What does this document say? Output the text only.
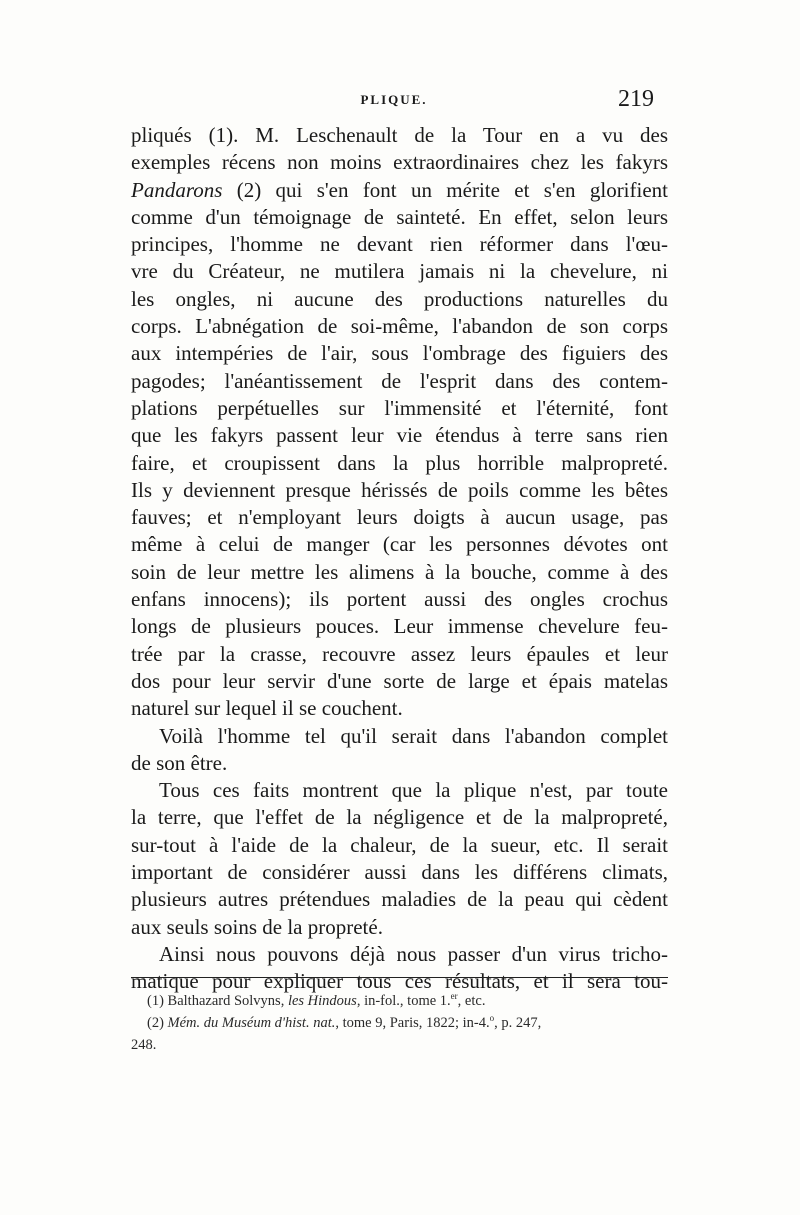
PLIQUE.	219
pliqués (1). M. Leschenault de la Tour en a vu des
exemples récens non moins extraordinaires chez les fakyrs
Pandarons (2) qui s'en font un mérite et s'en glorifient
comme d'un témoignage de sainteté. En effet, selon leurs
principes, l'homme ne devant rien réformer dans l'œu-
vre du Créateur, ne mutilera jamais ni la chevelure, ni
les ongles, ni aucune des productions naturelles du
corps. L'abnégation de soi-même, l'abandon de son corps
aux intempéries de l'air, sous l'ombrage des figuiers des
pagodes; l'anéantissement de l'esprit dans des contem-
plations perpétuelles sur l'immensité et l'éternité, font
que les fakyrs passent leur vie étendus à terre sans rien
faire, et croupissent dans la plus horrible malpropreté.
Ils y deviennent presque hérissés de poils comme les bêtes
fauves; et n'employant leurs doigts à aucun usage, pas
même à celui de manger (car les personnes dévotes ont
soin de leur mettre les alimens à la bouche, comme à des
enfans innocens); ils portent aussi des ongles crochus
longs de plusieurs pouces. Leur immense chevelure feu-
trée par la crasse, recouvre assez leurs épaules et leur
dos pour leur servir d'une sorte de large et épais matelas
naturel sur lequel il se couchent.
Voilà l'homme tel qu'il serait dans l'abandon complet
de son être.
Tous ces faits montrent que la plique n'est, par toute
la terre, que l'effet de la négligence et de la malpropreté,
sur-tout à l'aide de la chaleur, de la sueur, etc. Il serait
important de considérer aussi dans les différens climats,
plusieurs autres prétendues maladies de la peau qui cèdent
aux seuls soins de la propreté.
Ainsi nous pouvons déjà nous passer d'un virus tricho-
matique pour expliquer tous ces résultats, et il sera tou-
(1) Balthazard Solvyns, les Hindous, in-fol., tome 1.$^{er}$, etc.
(2) Mém. du Muséum d'hist. nat., tome 9, Paris, 1822; in-4.$^o$, p. 247,
248.
